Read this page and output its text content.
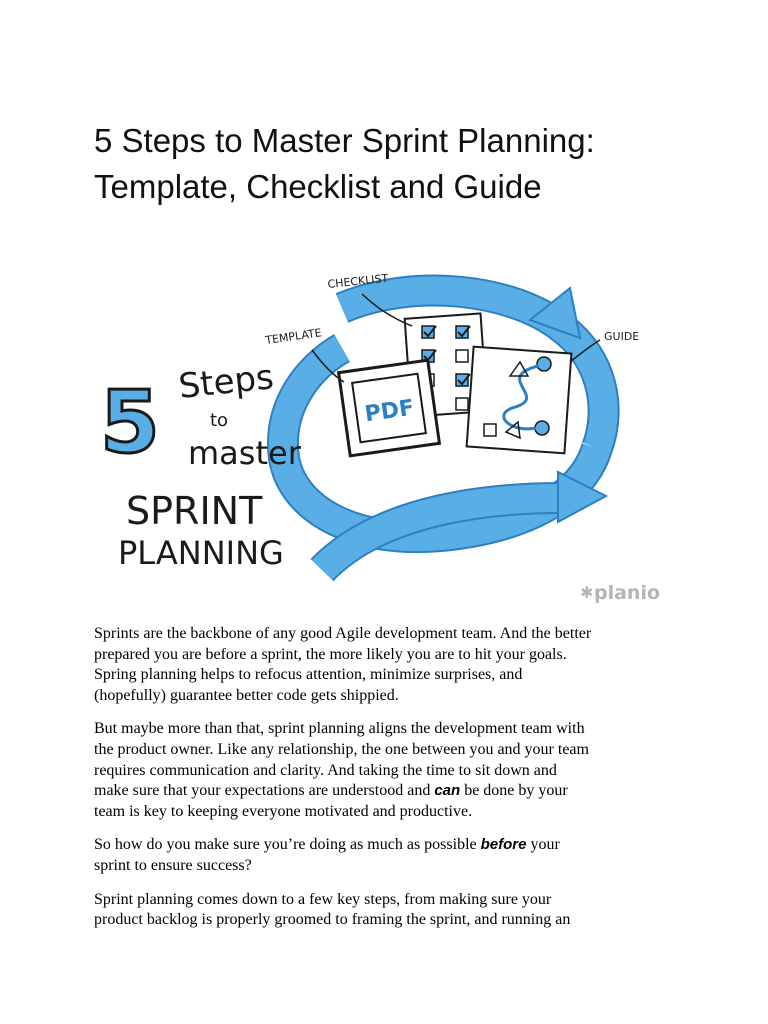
5 Steps to Master Sprint Planning:
Template, Checklist and Guide
PDF
CHECKLIST
TEMPLATE	GUIDE
5 Steps
to
master
SPRINT
PLANNING
✱ planio

Sprints are the backbone of any good Agile development team. And the better
prepared you are before a sprint, the more likely you are to hit your goals.
Spring planning helps to refocus attention, minimize surprises, and
(hopefully) guarantee better code gets shippied.

But maybe more than that, sprint planning aligns the development team with
the product owner. Like any relationship, the one between you and your team
requires communication and clarity. And taking the time to sit down and
make sure that your expectations are understood and can be done by your
team is key to keeping everyone motivated and productive.

So how do you make sure you’re doing as much as possible before your
sprint to ensure success?

Sprint planning comes down to a few key steps, from making sure your
product backlog is properly groomed to framing the sprint, and running an
